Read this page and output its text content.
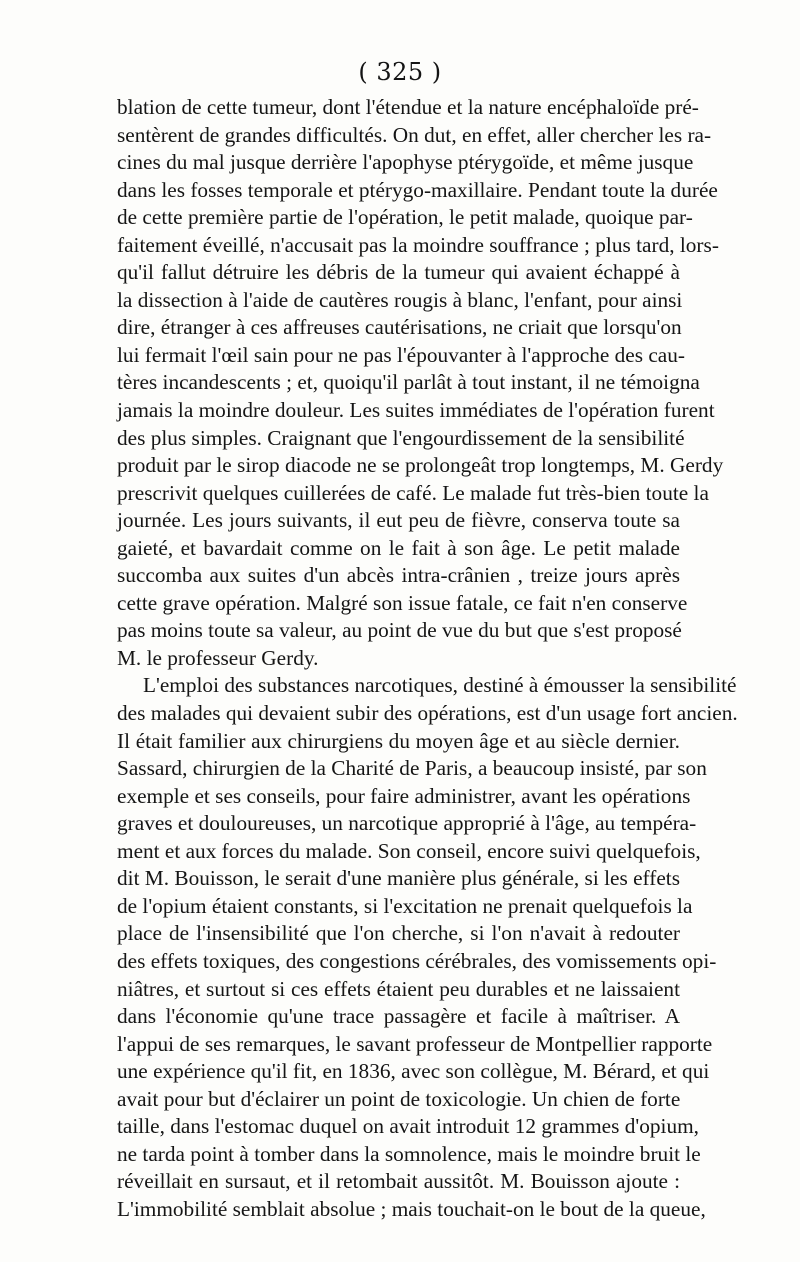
( 325 )
blation de cette tumeur, dont l'étendue et la nature encéphaloïde pré-
sentèrent de grandes difficultés. On dut, en effet, aller chercher les ra-
cines du mal jusque derrière l'apophyse ptérygoïde, et même jusque
dans les fosses temporale et ptérygo-maxillaire. Pendant toute la durée
de cette première partie de l'opération, le petit malade, quoique par-
faitement éveillé, n'accusait pas la moindre souffrance ; plus tard, lors-
qu'il fallut détruire les débris de la tumeur qui avaient échappé à
la dissection à l'aide de cautères rougis à blanc, l'enfant, pour ainsi
dire, étranger à ces affreuses cautérisations, ne criait que lorsqu'on
lui fermait l'œil sain pour ne pas l'épouvanter à l'approche des cau-
tères incandescents ; et, quoiqu'il parlât à tout instant, il ne témoigna
jamais la moindre douleur. Les suites immédiates de l'opération furent
des plus simples. Craignant que l'engourdissement de la sensibilité
produit par le sirop diacode ne se prolongeât trop longtemps, M. Gerdy
prescrivit quelques cuillerées de café. Le malade fut très-bien toute la
journée. Les jours suivants, il eut peu de fièvre, conserva toute sa
gaieté, et bavardait comme on le fait à son âge. Le petit malade
succomba aux suites d'un abcès intra-crânien , treize jours après
cette grave opération. Malgré son issue fatale, ce fait n'en conserve
pas moins toute sa valeur, au point de vue du but que s'est proposé
M. le professeur Gerdy.
L'emploi des substances narcotiques, destiné à émousser la sensibilité
des malades qui devaient subir des opérations, est d'un usage fort ancien.
Il était familier aux chirurgiens du moyen âge et au siècle dernier.
Sassard, chirurgien de la Charité de Paris, a beaucoup insisté, par son
exemple et ses conseils, pour faire administrer, avant les opérations
graves et douloureuses, un narcotique approprié à l'âge, au tempéra-
ment et aux forces du malade. Son conseil, encore suivi quelquefois,
dit M. Bouisson, le serait d'une manière plus générale, si les effets
de l'opium étaient constants, si l'excitation ne prenait quelquefois la
place de l'insensibilité que l'on cherche, si l'on n'avait à redouter
des effets toxiques, des congestions cérébrales, des vomissements opi-
niâtres, et surtout si ces effets étaient peu durables et ne laissaient
dans l'économie qu'une trace passagère et facile à maîtriser. A
l'appui de ses remarques, le savant professeur de Montpellier rapporte
une expérience qu'il fit, en 1836, avec son collègue, M. Bérard, et qui
avait pour but d'éclairer un point de toxicologie. Un chien de forte
taille, dans l'estomac duquel on avait introduit 12 grammes d'opium,
ne tarda point à tomber dans la somnolence, mais le moindre bruit le
réveillait en sursaut, et il retombait aussitôt. M. Bouisson ajoute :
L'immobilité semblait absolue ; mais touchait-on le bout de la queue,
